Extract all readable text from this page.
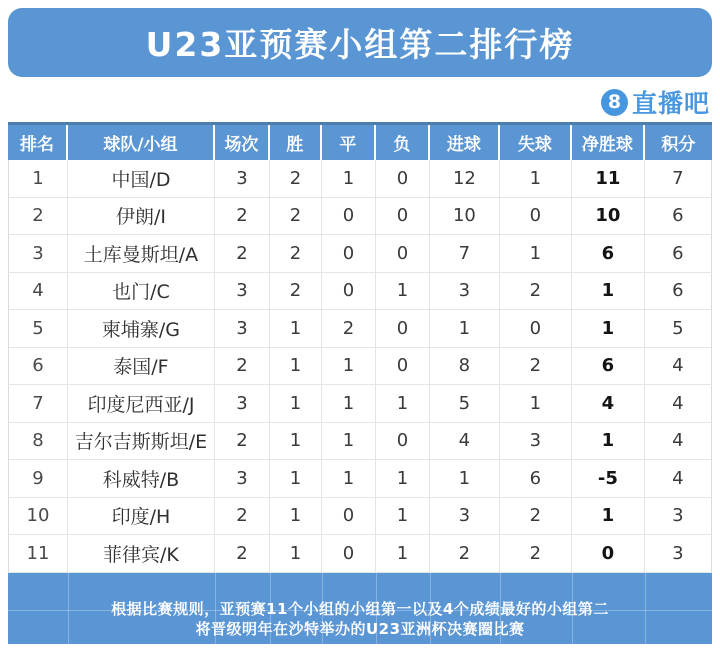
U23亚预赛小组第二排行榜
8 直播吧
排名	球队/小组	场次	胜	平	负	进球	失球	净胜球	积分
1	中国/D	3	2	1	0	12	1	11	7
2	伊朗/I	2	2	0	0	10	0	10	6
3	土库曼斯坦/A	2	2	0	0	7	1	6	6
4	也门/C	3	2	0	1	3	2	1	6
5	柬埔寨/G	3	1	2	0	1	0	1	5
6	泰国/F	2	1	1	0	8	2	6	4
7	印度尼西亚/J	3	1	1	1	5	1	4	4
8	吉尔吉斯斯坦/E	2	1	1	0	4	3	1	4
9	科威特/B	3	1	1	1	1	6	-5	4
10	印度/H	2	1	0	1	3	2	1	3
11	菲律宾/K	2	1	0	1	2	2	0	3
根据比赛规则，亚预赛11个小组的小组第一以及4个成绩最好的小组第二
将晋级明年在沙特举办的U23亚洲杯决赛圈比赛
